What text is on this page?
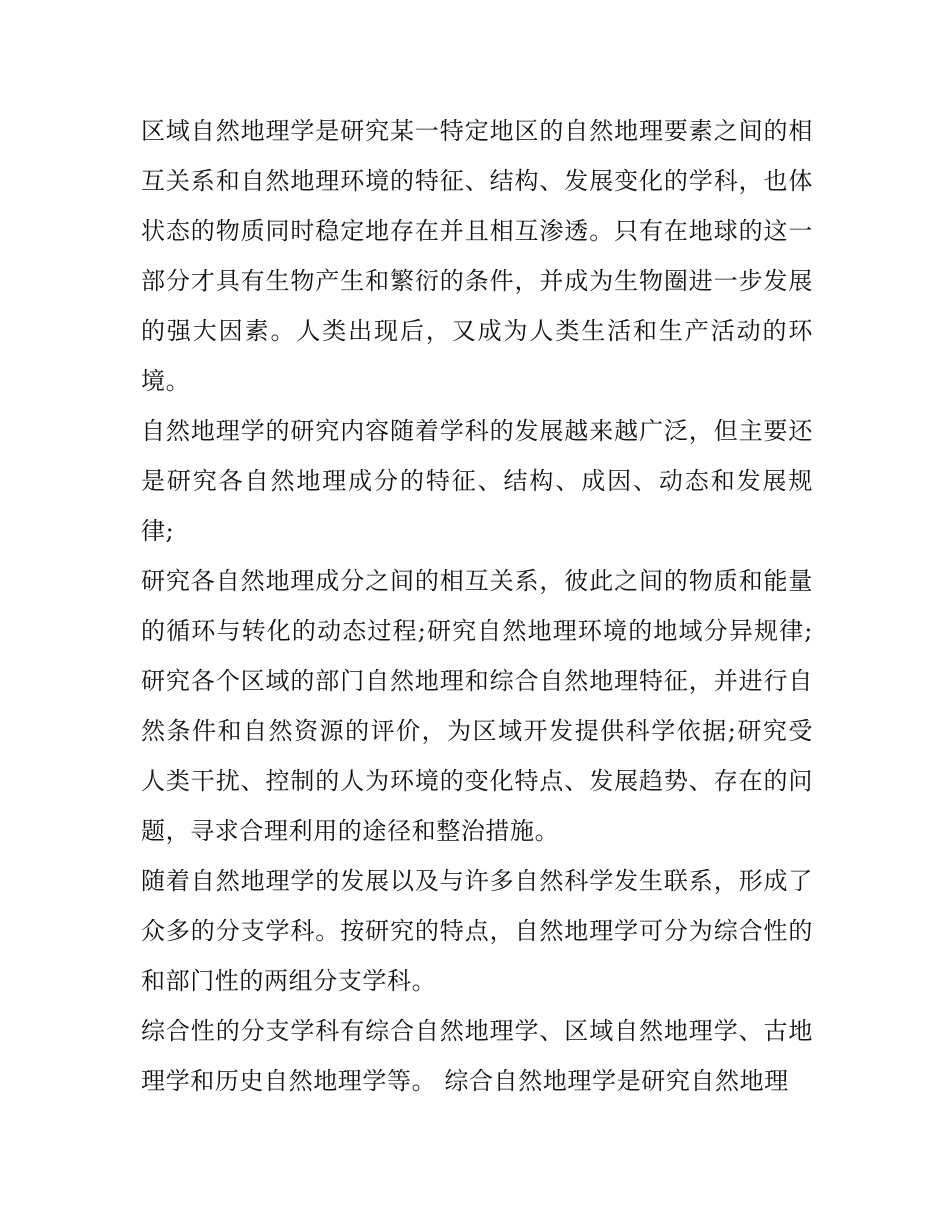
区域自然地理学是研究某一特定地区的自然地理要素之间的相互关系和自然地理环境的特征、结构、发展变化的学科，也体状态的物质同时稳定地存在并且相互渗透。只有在地球的这一部分才具有生物产生和繁衍的条件，并成为生物圈进一步发展的强大因素。人类出现后，又成为人类生活和生产活动的环境。

自然地理学的研究内容随着学科的发展越来越广泛，但主要还是研究各自然地理成分的特征、结构、成因、动态和发展规律;

研究各自然地理成分之间的相互关系，彼此之间的物质和能量的循环与转化的动态过程;研究自然地理环境的地域分异规律;研究各个区域的部门自然地理和综合自然地理特征，并进行自然条件和自然资源的评价，为区域开发提供科学依据;研究受人类干扰、控制的人为环境的变化特点、发展趋势、存在的问题，寻求合理利用的途径和整治措施。

随着自然地理学的发展以及与许多自然科学发生联系，形成了众多的分支学科。按研究的特点，自然地理学可分为综合性的和部门性的两组分支学科。

综合性的分支学科有综合自然地理学、区域自然地理学、古地理学和历史自然地理学等。 综合自然地理学是研究自然地理
